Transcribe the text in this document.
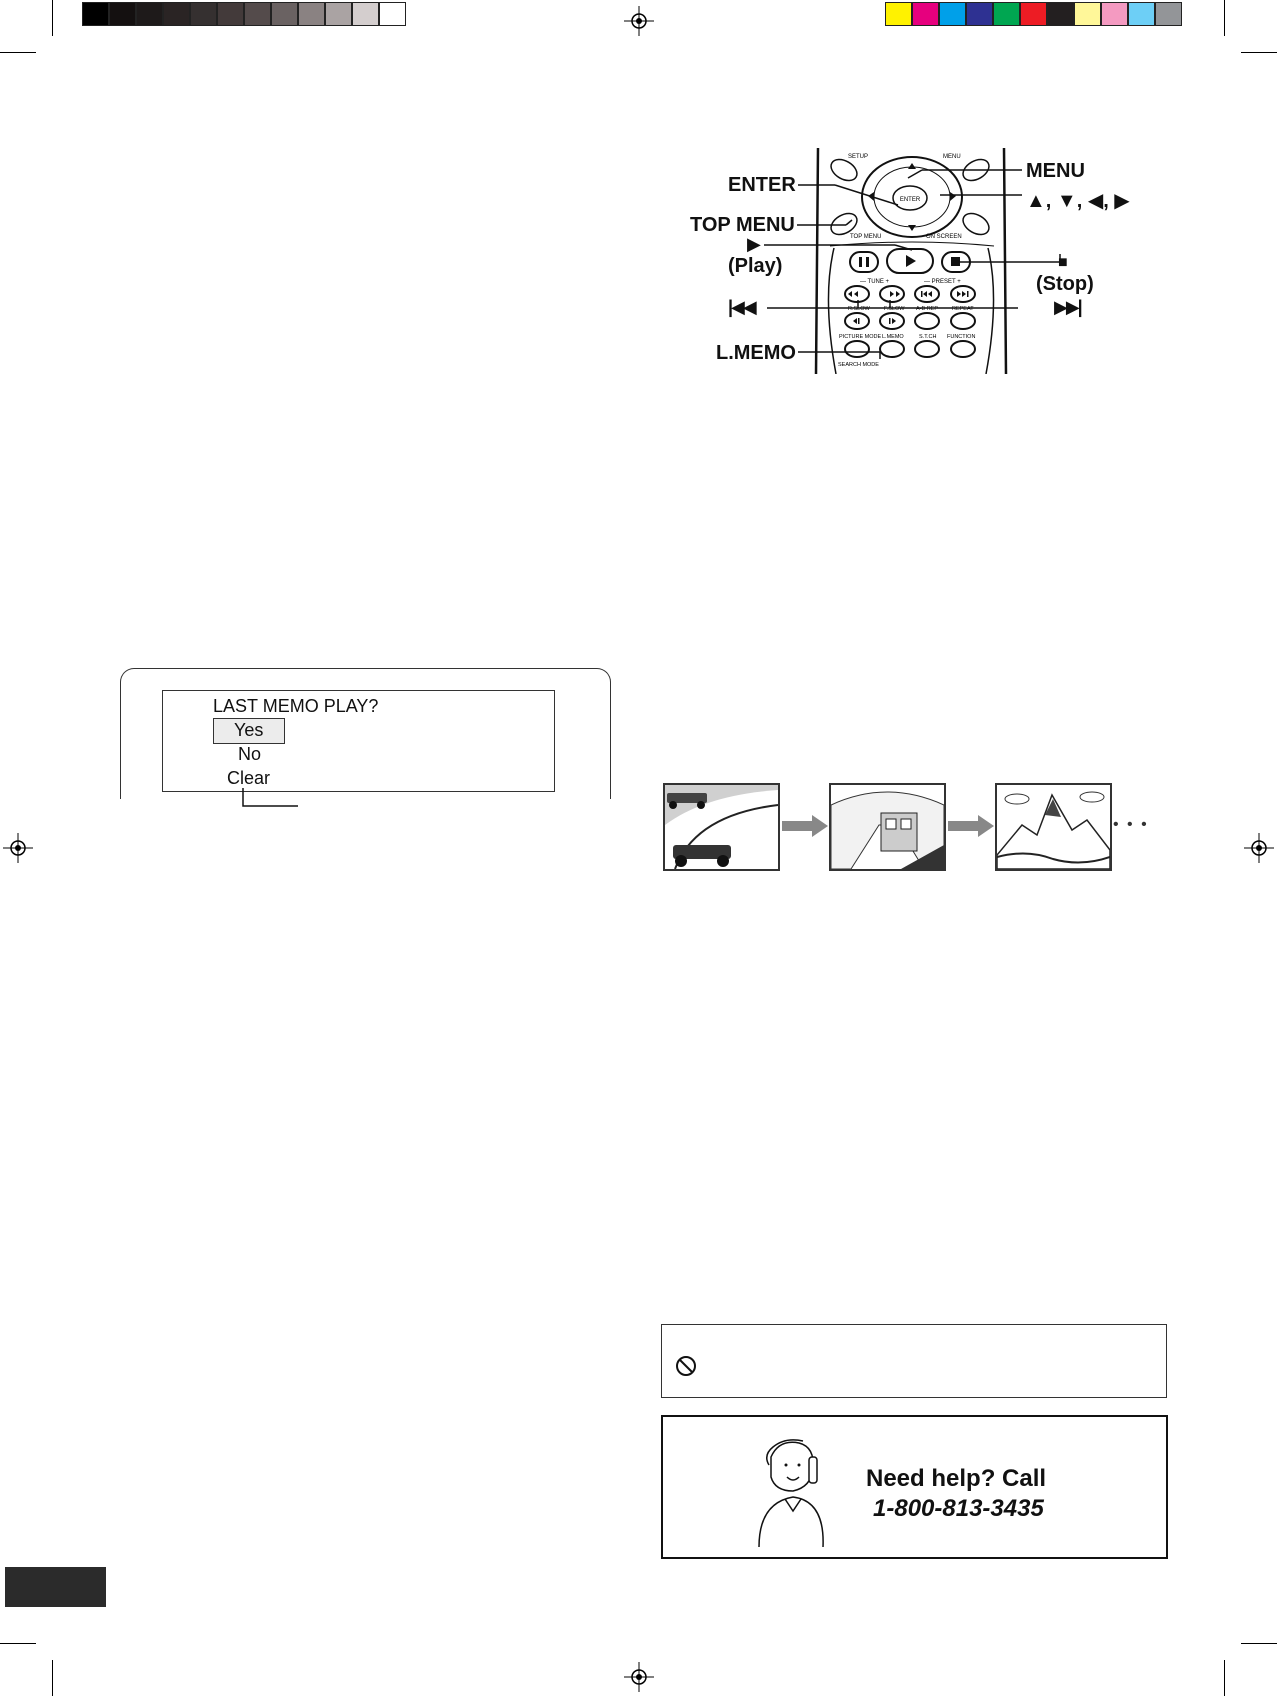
ENTER
SETUP	MENU
TOP MENU	ON SCREEN
— TUNE +	— PRESET +
R.SLOW	F.SLOW A-B REP	REPEAT
PICTURE MODE L.MEMO	S.T.CH FUNCTION
SEARCH MODE
ENTER
TOP MENU
▶
(Play)
MENU
▲, ▼, ◀, ▶
■
(Stop)
|◀◀	▶▶|
L.MEMO
LAST MEMO PLAY?
Yes
No
Clear
• • •
Need help? Call
1-800-813-3435
